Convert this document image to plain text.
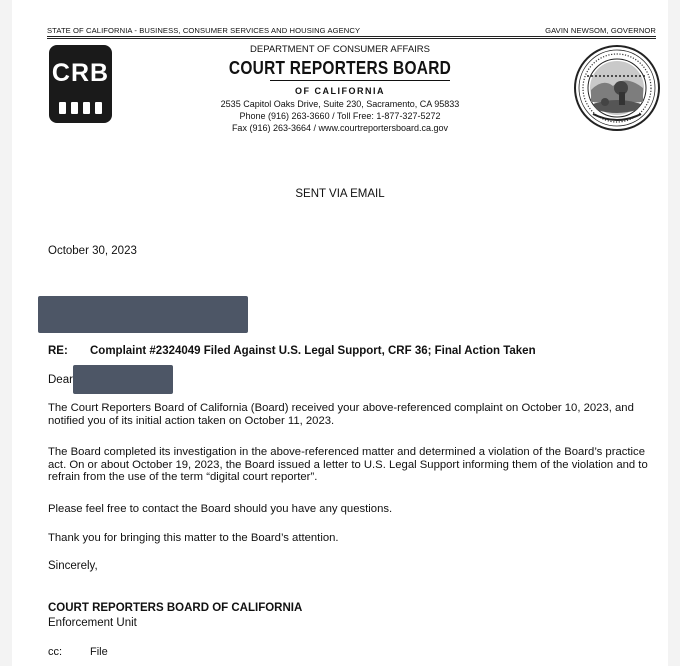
STATE OF CALIFORNIA - BUSINESS, CONSUMER SERVICES AND HOUSING AGENCY	GAVIN NEWSOM, GOVERNOR
CRB
DEPARTMENT OF CONSUMER AFFAIRS
COURT REPORTERS BOARD
OF CALIFORNIA
2535 Capitol Oaks Drive, Suite 230, Sacramento, CA 95833
Phone (916) 263-3660 / Toll Free: 1-877-327-5272
Fax (916) 263-3664 / www.courtreportersboard.ca.gov
SENT VIA EMAIL
October 30, 2023
RE: Complaint #2324049 Filed Against U.S. Legal Support, CRF 36; Final Action Taken
Dear
The Court Reporters Board of California (Board) received your above-referenced complaint on October 10, 2023, and notified you of its initial action taken on October 11, 2023.
The Board completed its investigation in the above-referenced matter and determined a violation of the Board’s practice act. On or about October 19, 2023, the Board issued a letter to U.S. Legal Support informing them of the violation and to refrain from the use of the term “digital court reporter”.
Please feel free to contact the Board should you have any questions.
Thank you for bringing this matter to the Board’s attention.
Sincerely,
COURT REPORTERS BOARD OF CALIFORNIA
Enforcement Unit
cc:	File
